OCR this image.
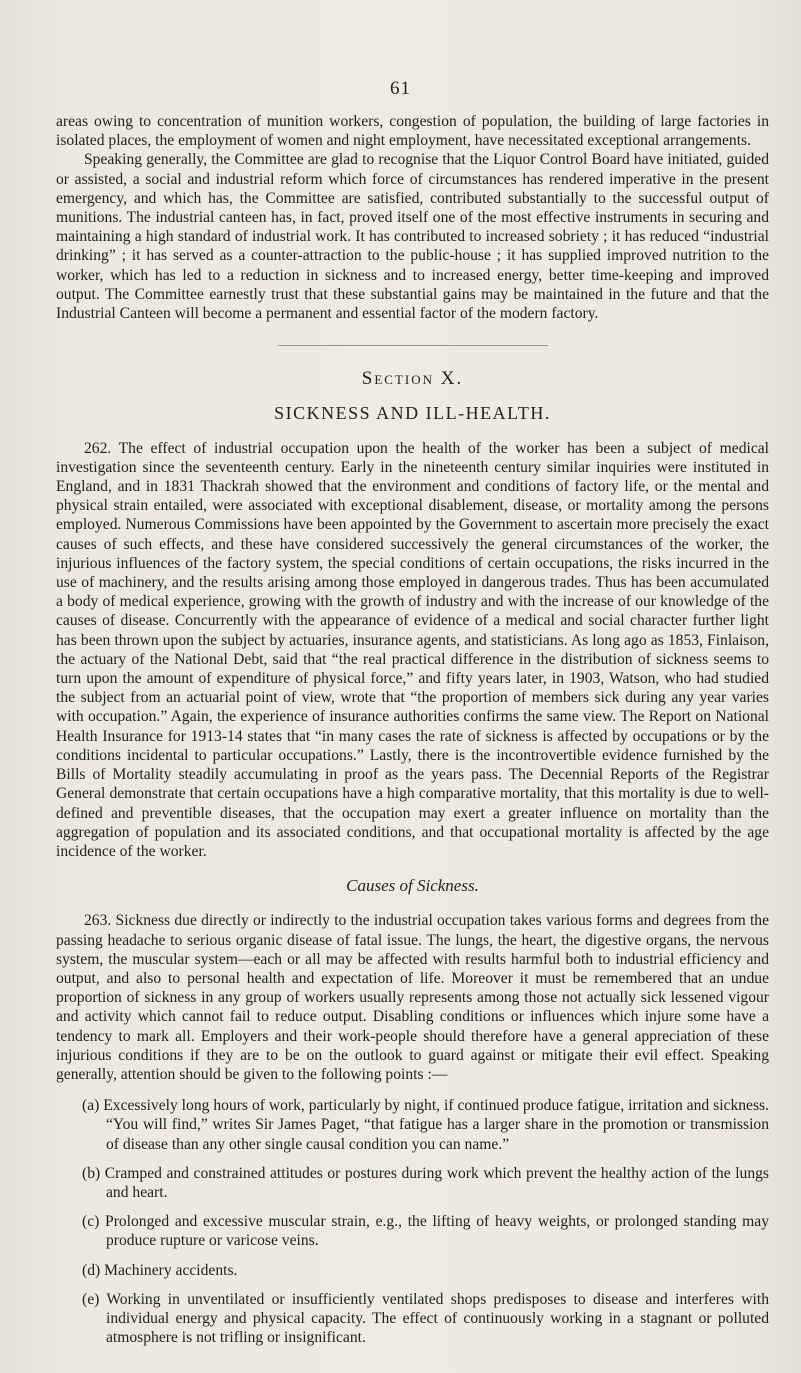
61

areas owing to concentration of munition workers, congestion of population, the building of large factories in isolated places, the employment of women and night employment, have necessitated exceptional arrangements.

Speaking generally, the Committee are glad to recognise that the Liquor Control Board have initiated, guided or assisted, a social and industrial reform which force of circumstances has rendered imperative in the present emergency, and which has, the Committee are satisfied, contributed substantially to the successful output of munitions. The industrial canteen has, in fact, proved itself one of the most effective instruments in securing and maintaining a high standard of industrial work. It has contributed to increased sobriety ; it has reduced “industrial drinking” ; it has served as a counter-attraction to the public-house ; it has supplied improved nutrition to the worker, which has led to a reduction in sickness and to increased energy, better time-keeping and improved output. The Committee earnestly trust that these substantial gains may be maintained in the future and that the Industrial Canteen will become a permanent and essential factor of the modern factory.

Section X.
SICKNESS AND ILL-HEALTH.

262. The effect of industrial occupation upon the health of the worker has been a subject of medical investigation since the seventeenth century. Early in the nineteenth century similar inquiries were instituted in England, and in 1831 Thackrah showed that the environment and conditions of factory life, or the mental and physical strain entailed, were associated with exceptional disablement, disease, or mortality among the persons employed. Numerous Commissions have been appointed by the Government to ascertain more precisely the exact causes of such effects, and these have considered successively the general circumstances of the worker, the injurious influences of the factory system, the special conditions of certain occupations, the risks incurred in the use of machinery, and the results arising among those employed in dangerous trades. Thus has been accumulated a body of medical experience, growing with the growth of industry and with the increase of our knowledge of the causes of disease. Concurrently with the appearance of evidence of a medical and social character further light has been thrown upon the subject by actuaries, insurance agents, and statisticians. As long ago as 1853, Finlaison, the actuary of the National Debt, said that “the real practical difference in the distribution of sickness seems to turn upon the amount of expenditure of physical force,” and fifty years later, in 1903, Watson, who had studied the subject from an actuarial point of view, wrote that “the proportion of members sick during any year varies with occupation.” Again, the experience of insurance authorities confirms the same view. The Report on National Health Insurance for 1913-14 states that “in many cases the rate of sickness is affected by occupations or by the conditions incidental to particular occupations.” Lastly, there is the incontrovertible evidence furnished by the Bills of Mortality steadily accumulating in proof as the years pass. The Decennial Reports of the Registrar General demonstrate that certain occupations have a high comparative mortality, that this mortality is due to well-defined and preventible diseases, that the occupation may exert a greater influence on mortality than the aggregation of population and its associated conditions, and that occupational mortality is affected by the age incidence of the worker.

Causes of Sickness.

263. Sickness due directly or indirectly to the industrial occupation takes various forms and degrees from the passing headache to serious organic disease of fatal issue. The lungs, the heart, the digestive organs, the nervous system, the muscular system—each or all may be affected with results harmful both to industrial efficiency and output, and also to personal health and expectation of life. Moreover it must be remembered that an undue proportion of sickness in any group of workers usually represents among those not actually sick lessened vigour and activity which cannot fail to reduce output. Disabling conditions or influences which injure some have a tendency to mark all. Employers and their work-people should therefore have a general appreciation of these injurious conditions if they are to be on the outlook to guard against or mitigate their evil effect. Speaking generally, attention should be given to the following points :—

(a) Excessively long hours of work, particularly by night, if continued produce fatigue, irritation and sickness. “You will find,” writes Sir James Paget, “that fatigue has a larger share in the promotion or transmission of disease than any other single causal condition you can name.”
(b) Cramped and constrained attitudes or postures during work which prevent the healthy action of the lungs and heart.
(c) Prolonged and excessive muscular strain, e.g., the lifting of heavy weights, or prolonged standing may produce rupture or varicose veins.
(d) Machinery accidents.
(e) Working in unventilated or insufficiently ventilated shops predisposes to disease and interferes with individual energy and physical capacity. The effect of continuously working in a stagnant or polluted atmosphere is not trifling or insignificant.
